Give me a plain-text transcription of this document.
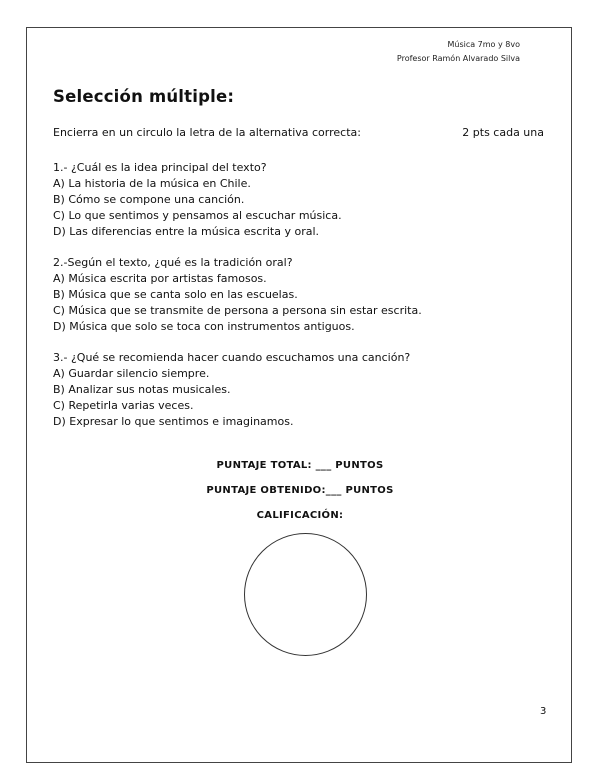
Música 7mo y 8vo
Profesor Ramón Alvarado Silva
Selección múltiple:
Encierra en un circulo la letra de la alternativa correcta:	2 pts cada una
1.- ¿Cuál es la idea principal del texto?
A) La historia de la música en Chile.
B) Cómo se compone una canción.
C) Lo que sentimos y pensamos al escuchar música.
D) Las diferencias entre la música escrita y oral.
2.-Según el texto, ¿qué es la tradición oral?
A) Música escrita por artistas famosos.
B) Música que se canta solo en las escuelas.
C) Música que se transmite de persona a persona sin estar escrita.
D) Música que solo se toca con instrumentos antiguos.
3.- ¿Qué se recomienda hacer cuando escuchamos una canción?
A) Guardar silencio siempre.
B) Analizar sus notas musicales.
C) Repetirla varias veces.
D) Expresar lo que sentimos e imaginamos.
PUNTAJE TOTAL: ___ PUNTOS
PUNTAJE OBTENIDO:___ PUNTOS
CALIFICACIÓN:
3
